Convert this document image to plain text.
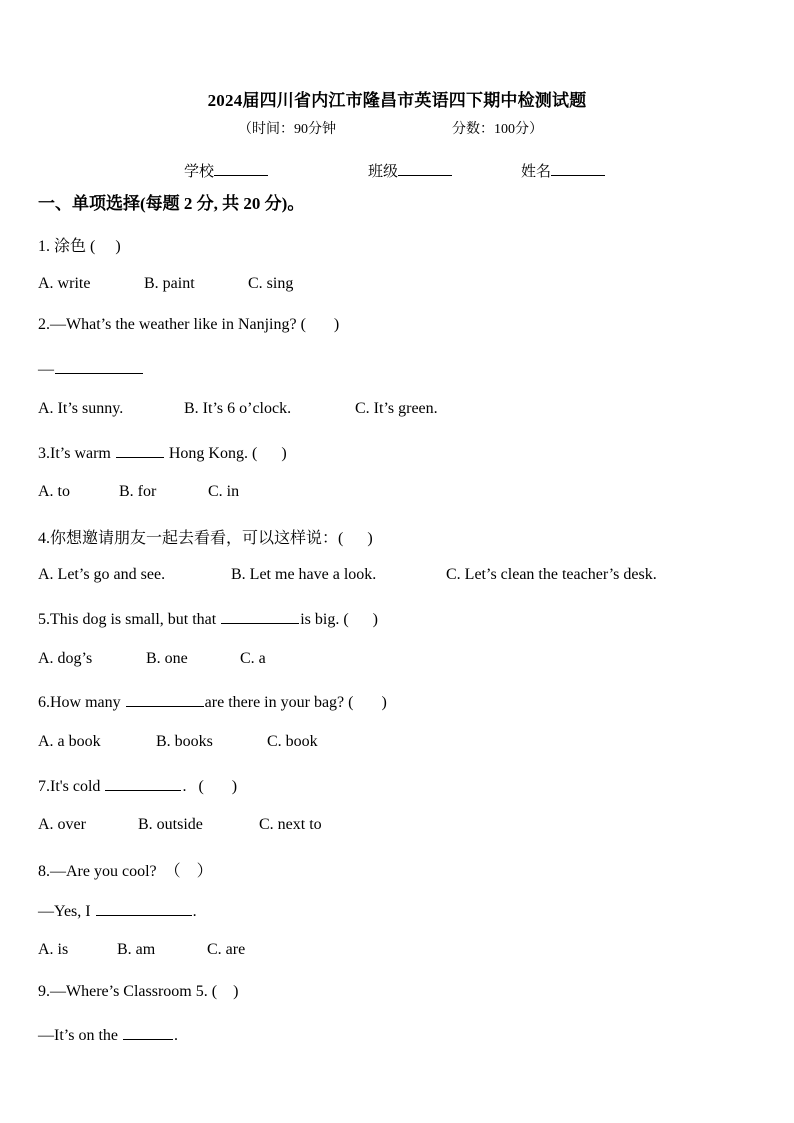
2024届四川省内江市隆昌市英语四下期中检测试题
（时间：90分钟	分数：100分）
学校	班级	姓名
一、单项选择(每题 2 分, 共 20 分)。
1. 涂色 (     )
A. write	B. paint	C. sing
2.—What’s the weather like in Nanjing? (       )
—
A. It’s sunny.	B. It’s 6 o’clock.	C. It’s green.
3.It’s warm	Hong Kong. (      )
A. to	B. for	C. in
4.你想邀请朋友一起去看看，可以这样说：(      )
A. Let’s go and see.	B. Let me have a look.	C. Let’s clean the teacher’s desk.
5.This dog is small, but that	is big. (      )
A. dog’s	B. one	C. a
6.How many	are there in your bag? (       )
A. a book	B. books	C. book
7.It's cold	.   (       )
A. over	B. outside	C. next to
8.—Are you cool?  （    ）
—Yes, I	.
A. is	B. am	C. are
9.—Where’s Classroom 5. (    )
—It’s on the	.
